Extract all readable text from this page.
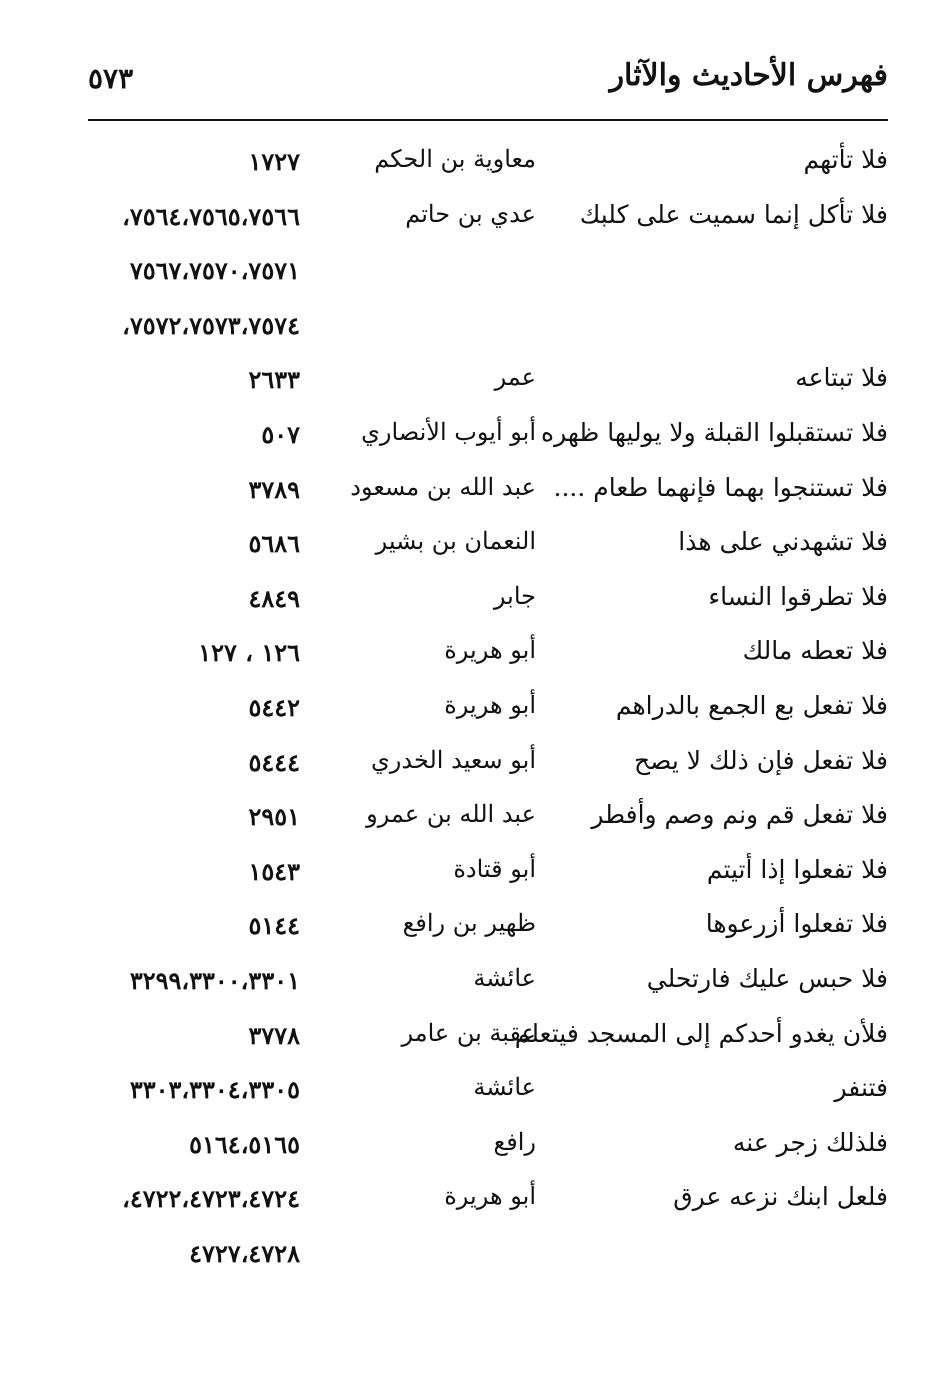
فهرس الأحاديث والآثار
٥٧٣
فلا تأتهم
معاوية بن الحكم
١٧٢٧
فلا تأكل إنما سميت على كلبك
عدي بن حاتم
٧٥٦٤،٧٥٦٥،٧٥٦٦،
٧٥٦٧،٧٥٧٠،٧٥٧١
٧٥٧٢،٧٥٧٣،٧٥٧٤،
فلا تبتاعه
عمر
٢٦٣٣
فلا تستقبلوا القبلة ولا يوليها ظهره
أبو أيوب الأنصاري
٥٠٧
فلا تستنجوا بهما فإنهما طعام ....
عبد الله بن مسعود
٣٧٨٩
فلا تشهدني على هذا
النعمان بن بشير
٥٦٨٦
فلا تطرقوا النساء
جابر
٤٨٤٩
فلا تعطه مالك
أبو هريرة
١٢٦ ، ١٢٧
فلا تفعل بع الجمع بالدراهم
أبو هريرة
٥٤٤٢
فلا تفعل فإن ذلك لا يصح
أبو سعيد الخدري
٥٤٤٤
فلا تفعل قم ونم وصم وأفطر
عبد الله بن عمرو
٢٩٥١
فلا تفعلوا إذا أتيتم
أبو قتادة
١٥٤٣
فلا تفعلوا أزرعوها
ظهير بن رافع
٥١٤٤
فلا حبس عليك فارتحلي
عائشة
٣٢٩٩،٣٣٠٠،٣٣٠١
فلأن يغدو أحدكم إلى المسجد فيتعلم
عقبة بن عامر
٣٧٧٨
فتنفر
عائشة
٣٣٠٣،٣٣٠٤،٣٣٠٥
فلذلك زجر عنه
رافع
٥١٦٤،٥١٦٥
فلعل ابنك نزعه عرق
أبو هريرة
٤٧٢٢،٤٧٢٣،٤٧٢٤،
٤٧٢٧،٤٧٢٨
